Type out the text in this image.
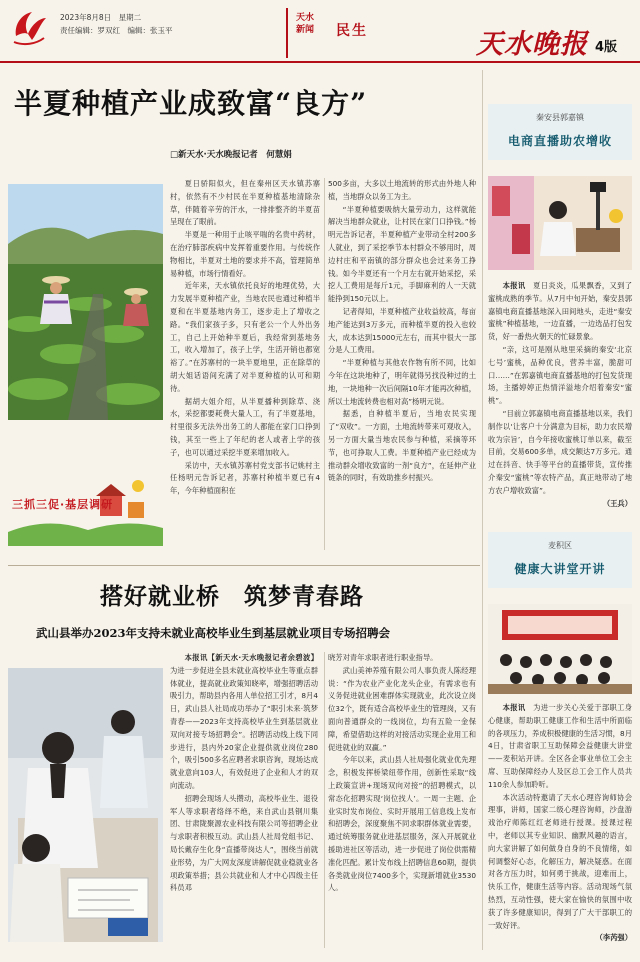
2023年8月8日　星期二
责任编辑：罗双红　编辑：张玉平
天水
新闻 民生	天水晚报 4版
半夏种植产业成致富“良方”
□新天水·天水晚报记者　何慧娟
三抓三促·基层调研

夏日骄阳似火，但在秦州区天水镇苏寨村，依然有不少村民在半夏种植基地清除杂草，伴随着辛劳的汗水，一排排整齐的半夏苗呈现在了眼前。

半夏是一种用于止咳平喘的名贵中药材，在治疗肺部疾病中发挥着重要作用。与传统作物相比，半夏对土地的要求并不高，管理简单易种植，市场行情看好。

近年来，天水镇依托良好的地理优势，大力发展半夏种植产业，当地农民也通过种植半夏和在半夏基地内务工，逐步走上了增收之路。“我们家孩子多，只有老公一个人外出务工，自己上开始种半夏后，我经常到基地务工，收入增加了，孩子上学，生活开销也都宽裕了。”在苏寨村的一块半夏地里，正在除草的胡大姐话语间充满了对半夏种植的认可和期待。

据胡大姐介绍，从半夏播种到除草、浇水，采挖都要耗费大量人工，有了半夏基地，村里很多无法外出务工的人都能在家门口挣到钱，其至一些上了年纪的老人或者上学的孩子，也可以通过采挖半夏来增加收入。

采访中，天水镇苏寨村党支部书记姚村主任杨明元告诉记者，苏寨村种植半夏已有4年，今年种植面积在

500多亩，大多以土地流转的形式由外地人种植，当地群众以务工为主。

“半夏种植要吸纳大量劳动力，这样就能解决当地群众就业，让村民在家门口挣钱。”杨明元告诉记者，半夏种植产业带动全村200多人就业，到了采挖季节本村群众不够用时，周边村庄和平南镇的部分群众也会过来务工挣钱。如今半夏还有一个月左右就开始采挖，采挖人工费用是每斤1元，手脚麻利的人一天就能挣到150元以上。

记者得知，半夏种植产业收益较高，每亩地产能达到3万多元，而种植半夏的投入也较大，成本达到15000元左右，而其中很大一部分是人工费用。

“半夏种植与其他农作物有所不同，比如今年在这块地种了，明年就得另找没种过的土地，一块地种一次后间隔10年才能再次种植，所以土地流转费也相对高”杨明元说。

据悉，自种植半夏后，当地农民实现了“双收”。一方面，土地流转带来可观收入，另一方面大量当地农民参与种植，采摘等环节，也可挣取人工费。半夏种植产业已经成为推动群众增收致富的一剂“良方”，在延伸产业链条的同时，有效助推乡村振兴。

搭好就业桥　筑梦青春路
武山县举办2023年支持未就业高校毕业生到基层就业项目专场招聘会

本报讯【新天水·天水晚报记者余碧波】为进一步促进全县未就业高校毕业生等重点群体就业，提高就业政策知晓率，增强招聘活动吸引力，帮助县内各用人单位招工引才，8月4日，武山县人社局成功举办了“职引未来·筑梦青春——2023年支持高校毕业生到基层就业双向对接专场招聘会”。招聘活动线上线下同步进行，县内外20家企业提供就业岗位280个，吸引500多名应聘者求职咨询，现场达成就业意向103人，有效促进了企业和人才的双向流动。

招聘会现场人头攒动，高校毕业生、退役军人等求职者络绎不绝，来自武山县钢川集团、甘肃陇聚源农业科技有限公司等招聘企业与求职者积极互动。武山县人社局党组书记、局长戴存生化身“直播带岗达人”，围绕当前就业形势，为广大网友深度讲解促就业稳就业各项政策举措；县公共就业和人才中心四级主任科员邓

晓芳对青年求职者进行职业指导。

武山美神养殖有限公司人事负责人陈经理说：“作为农业产业化龙头企业，有需求也有义务促进就业困难群体实现就业，此次设立岗位32个，既有适合高校毕业生的管理岗，又有面向普通群众的一线岗位，均有五险一金保障，希望借助这样的对接活动实现企业用工和促进就业的双赢。”

今年以来，武山县人社局强化就业优先理念，积极发挥桥梁纽带作用，创新性采取“线上政策宣讲+现场双向对接”的招聘模式，以常态化招聘实现‘岗位找人’。一周一主题、企业实时发布岗位、实时开展用工信息线上发布和招聘会，深度聚焦不同求职群体就业需要，通过统筹服务就业进基层服务，深入开展就业援助进社区等活动，进一步促进了岗位供需精准化匹配。累计发布线上招聘信息60期，提供各类就业岗位7400多个，实现新增就业3530人。

秦安县郭嘉镇
电商直播助农增收

本报讯　 夏日炎炎，瓜果飘香，又到了蜜桃成熟的季节。从7月中旬开始，秦安县郭嘉镇电商直播基地深入田间地头，走进“秦安蜜桃”种植基地，一边直播，一边选品打包发货，好一番热火朝天的忙碌景象。

“亲，这可是刚从地里采摘的秦安‘北京七号’蜜桃，品种优良，营养丰富，脆甜可口……”在郭嘉镇电商直播基地的打包发货现场，主播婷婷正热情洋溢地介绍着秦安“蜜桃”。

“目前立郭嘉镇电商直播基地以来，我们制作以‘让客户十分满意为目标，助力农民增收为宗旨’，自今年接收蜜桃订单以来，截至目前，交易600多单，成交额达7万多元。通过在抖音、快手等平台的直播带货，宣传推介秦安“蜜桃”等农特产品，真正地带动了地方农户增收致富”。

（王兵）
麦积区
健康大讲堂开讲

本报讯　 为进一步关心关爱于部职工身心健康，帮助职工健康工作和生活中所面临的各项压力，养成积极健康的生活习惯，8月4日，甘肃省职工互助保障会益健康大讲堂——麦积站开讲。全区各企事业单位工会主席、互助保障经办人及区总工会工作人员共110余人参加聆听。

本次活动特邀请了天水心理咨询师协会理事，讲师，国家二级心理咨询师，沙盘游戏治疗师陈红红老师进行授课。授课过程中，老师以其专业知识、幽默风趣的语言，向大家讲解了如何做身自身的不良情绪，如何调整好心态，化解压力，解决疑惑。在面对各方压力时，如何勇于挑战，迎难而上，快乐工作，健康生活等内容。活动现场气氛热烈，互动性强，使大家在愉快的氛围中收获了许多健康知识，得到了广大干部职工的一致好评。

（李芮强）
